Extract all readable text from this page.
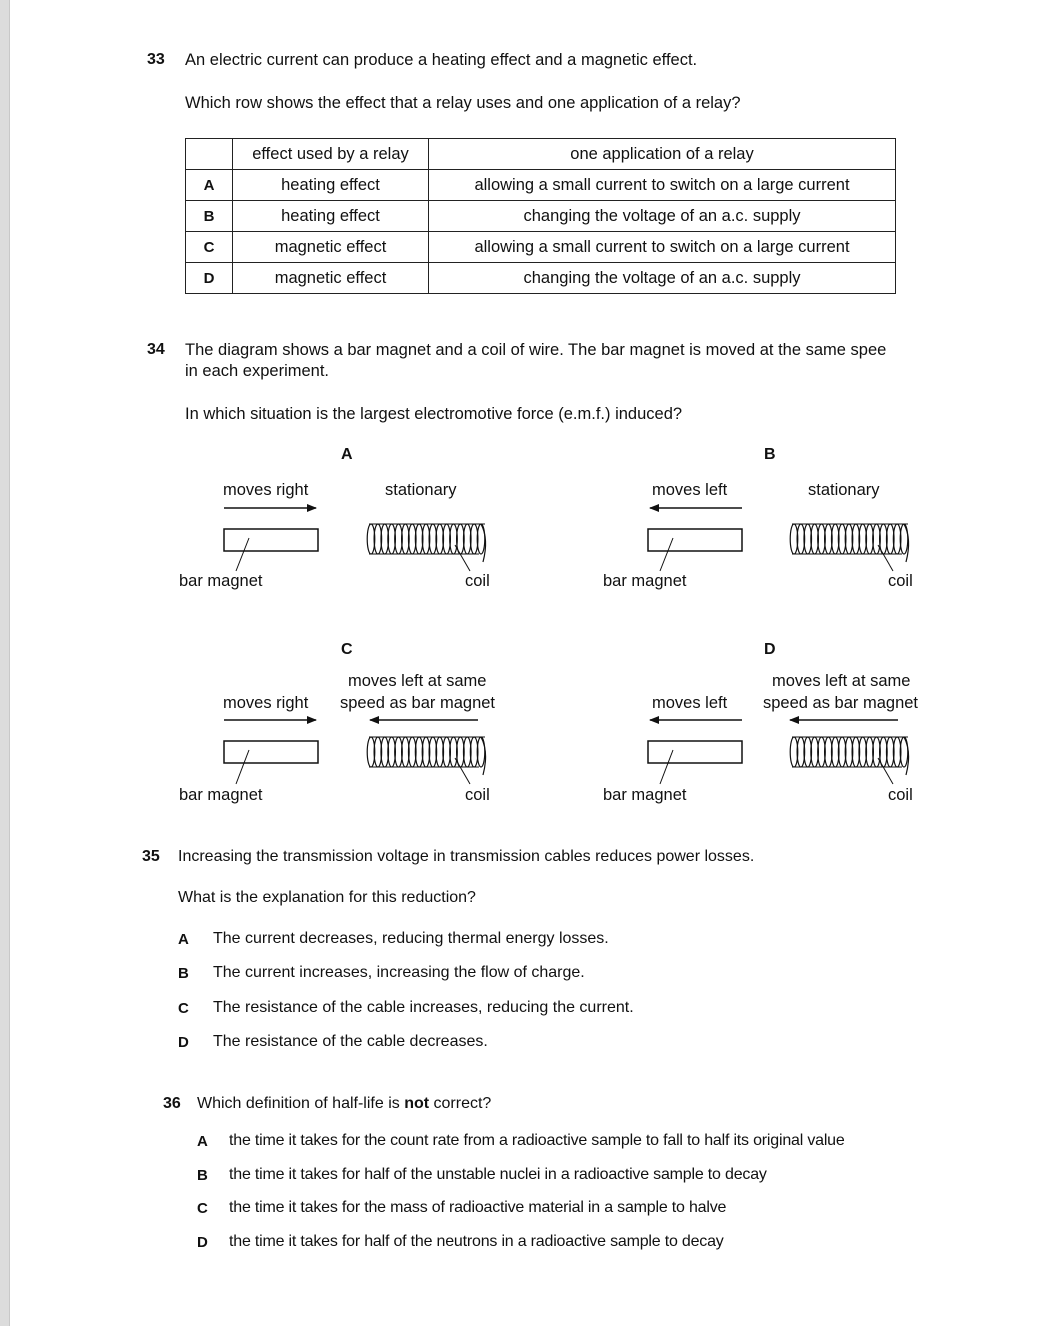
33 An electric current can produce a heating effect and a magnetic effect.
Which row shows the effect that a relay uses and one application of a relay?
	effect used by a relay	one application of a relay
A	heating effect	allowing a small current to switch on a large current
B	heating effect	changing the voltage of an a.c. supply
C	magnetic effect	allowing a small current to switch on a large current
D	magnetic effect	changing the voltage of an a.c. supply
34 The diagram shows a bar magnet and a coil of wire. The bar magnet is moved at the same spee
in each experiment.
In which situation is the largest electromotive force (e.m.f.) induced?
A
moves right	stationary
bar magnet	coil
B
moves left	stationary
bar magnet	coil
C
moves left at same
speed as bar magnet
moves right
bar magnet	coil
D
moves left at same
speed as bar magnet
moves left
bar magnet	coil
35 Increasing the transmission voltage in transmission cables reduces power losses.
What is the explanation for this reduction?
A The current decreases, reducing thermal energy losses.
B The current increases, increasing the flow of charge.
C The resistance of the cable increases, reducing the current.
D The resistance of the cable decreases.
36 Which definition of half-life is not correct?
A the time it takes for the count rate from a radioactive sample to fall to half its original value
B the time it takes for half of the unstable nuclei in a radioactive sample to decay
C the time it takes for the mass of radioactive material in a sample to halve
D the time it takes for half of the neutrons in a radioactive sample to decay
